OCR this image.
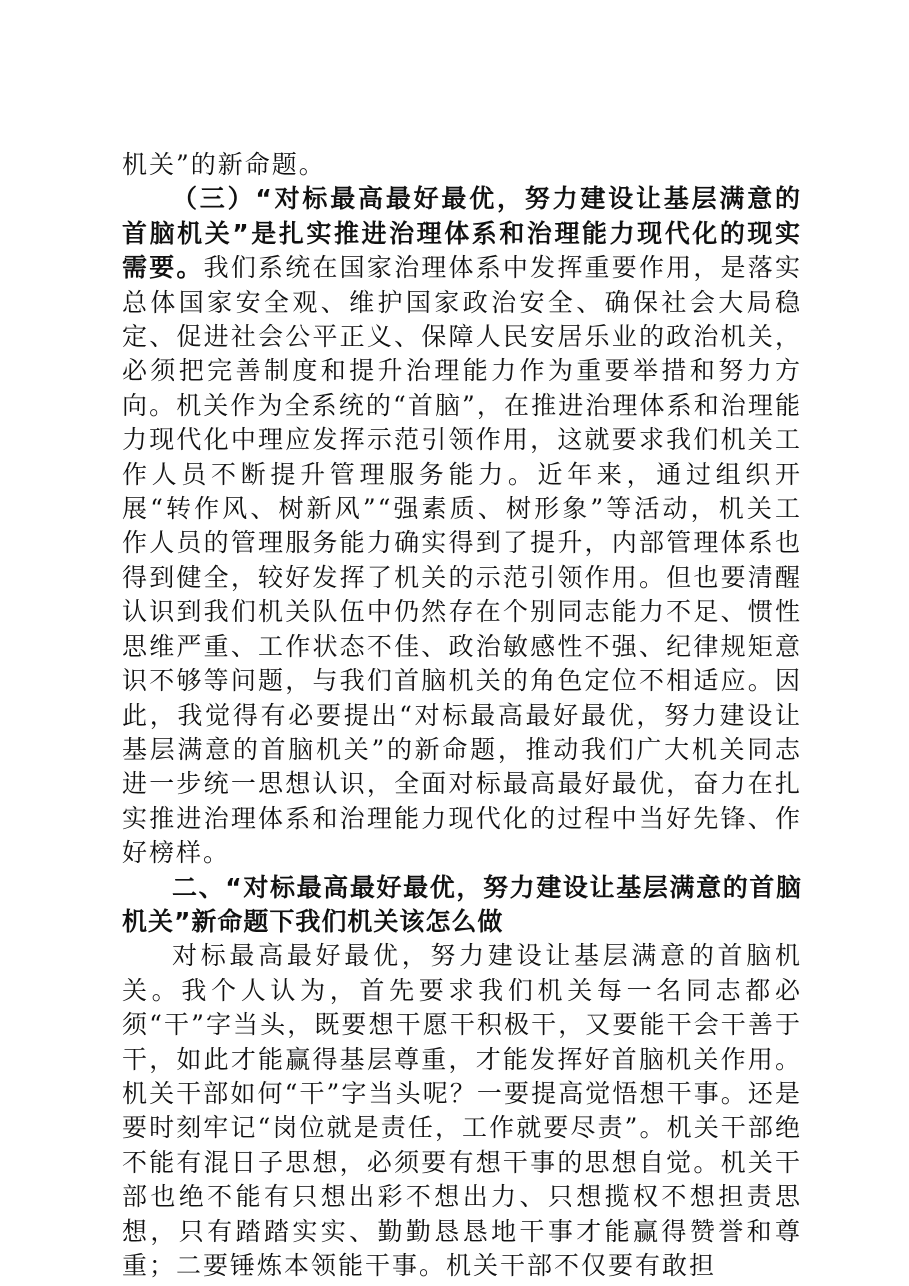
机关”的新命题。

（三）“对标最高最好最优，努力建设让基层满意的首脑机关”是扎实推进治理体系和治理能力现代化的现实需要。我们系统在国家治理体系中发挥重要作用，是落实总体国家安全观、维护国家政治安全、确保社会大局稳定、促进社会公平正义、保障人民安居乐业的政治机关，必须把完善制度和提升治理能力作为重要举措和努力方向。机关作为全系统的“首脑”，在推进治理体系和治理能力现代化中理应发挥示范引领作用，这就要求我们机关工作人员不断提升管理服务能力。近年来，通过组织开展“转作风、树新风”“强素质、树形象”等活动，机关工作人员的管理服务能力确实得到了提升，内部管理体系也得到健全，较好发挥了机关的示范引领作用。但也要清醒认识到我们机关队伍中仍然存在个别同志能力不足、惯性思维严重、工作状态不佳、政治敏感性不强、纪律规矩意识不够等问题，与我们首脑机关的角色定位不相适应。因此，我觉得有必要提出“对标最高最好最优，努力建设让基层满意的首脑机关”的新命题，推动我们广大机关同志进一步统一思想认识，全面对标最高最好最优，奋力在扎实推进治理体系和治理能力现代化的过程中当好先锋、作好榜样。

二、“对标最高最好最优，努力建设让基层满意的首脑机关”新命题下我们机关该怎么做

对标最高最好最优，努力建设让基层满意的首脑机关。我个人认为，首先要求我们机关每一名同志都必须“干”字当头，既要想干愿干积极干，又要能干会干善于干，如此才能赢得基层尊重，才能发挥好首脑机关作用。机关干部如何“干”字当头呢？一要提高觉悟想干事。还是要时刻牢记“岗位就是责任，工作就要尽责”。机关干部绝不能有混日子思想，必须要有想干事的思想自觉。机关干部也绝不能有只想出彩不想出力、只想揽权不想担责思想，只有踏踏实实、勤勤恳恳地干事才能赢得赞誉和尊重；二要锤炼本领能干事。机关干部不仅要有敢担
